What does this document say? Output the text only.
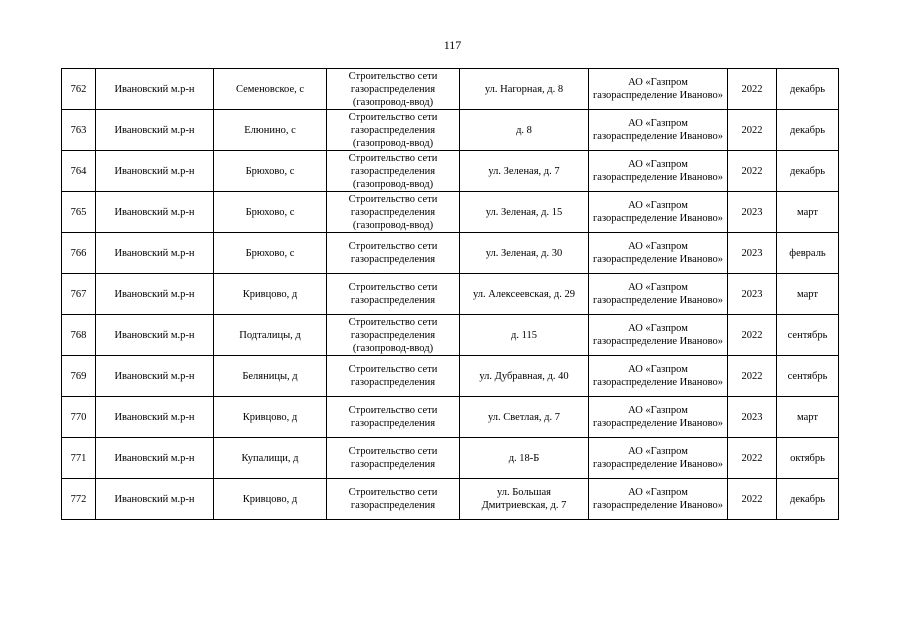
117
762	Ивановский м.р-н	Семеновское, с	Строительство сети газораспределения (газопровод-ввод)	ул. Нагорная, д. 8	АО «Газпром газораспределение Иваново»	2022	декабрь
763	Ивановский м.р-н	Елюнино, с	Строительство сети газораспределения (газопровод-ввод)	д. 8	АО «Газпром газораспределение Иваново»	2022	декабрь
764	Ивановский м.р-н	Брюхово, с	Строительство сети газораспределения (газопровод-ввод)	ул. Зеленая, д. 7	АО «Газпром газораспределение Иваново»	2022	декабрь
765	Ивановский м.р-н	Брюхово, с	Строительство сети газораспределения (газопровод-ввод)	ул. Зеленая, д. 15	АО «Газпром газораспределение Иваново»	2023	март
766	Ивановский м.р-н	Брюхово, с	Строительство сети газораспределения	ул. Зеленая, д. 30	АО «Газпром газораспределение Иваново»	2023	февраль
767	Ивановский м.р-н	Кривцово, д	Строительство сети газораспределения	ул. Алексеевская, д. 29	АО «Газпром газораспределение Иваново»	2023	март
768	Ивановский м.р-н	Подталицы, д	Строительство сети газораспределения (газопровод-ввод)	д. 115	АО «Газпром газораспределение Иваново»	2022	сентябрь
769	Ивановский м.р-н	Беляницы, д	Строительство сети газораспределения	ул. Дубравная, д. 40	АО «Газпром газораспределение Иваново»	2022	сентябрь
770	Ивановский м.р-н	Кривцово, д	Строительство сети газораспределения	ул. Светлая, д. 7	АО «Газпром газораспределение Иваново»	2023	март
771	Ивановский м.р-н	Купалищи, д	Строительство сети газораспределения	д. 18-Б	АО «Газпром газораспределение Иваново»	2022	октябрь
772	Ивановский м.р-н	Кривцово, д	Строительство сети газораспределения	ул. Большая Дмитриевская, д. 7	АО «Газпром газораспределение Иваново»	2022	декабрь
